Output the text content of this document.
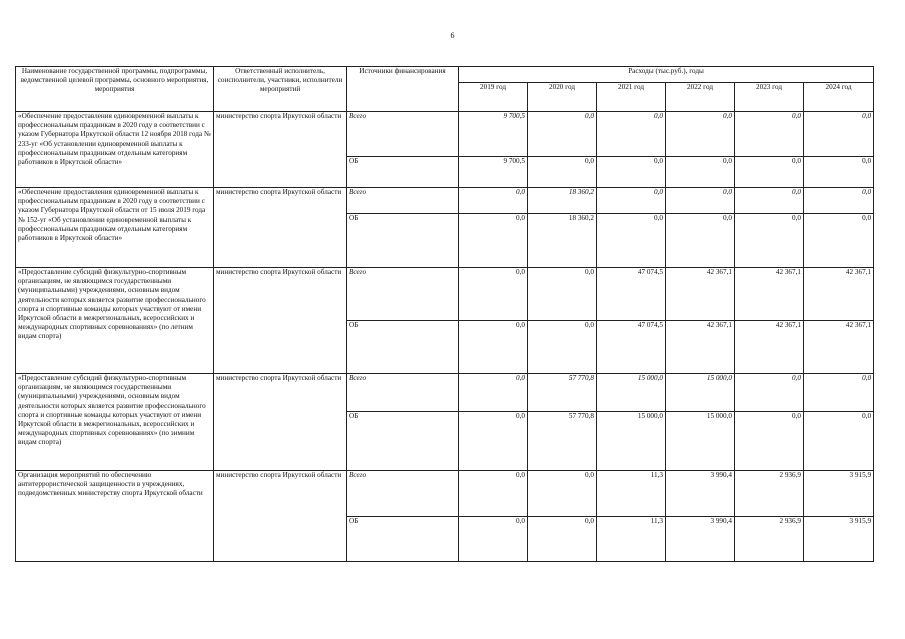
6
Наименование государственной программы, подпрограммы, ведомственной целевой программы, основного мероприятия, мероприятия	Ответственный исполнитель, соисполнители, участники, исполнители мероприятий	Источники финансирования	Расходы (тыс.руб.), годы					
			2019 год	2020 год	2021 год	2022 год	2023 год	2024 год
«Обеспечение предоставления единовременной выплаты к профессиональным праздникам в 2020 году в соответствии с указом Губернатора Иркутской области 12 ноября 2018 года № 233-уг «Об установлении единовременной выплаты к профессиональным праздникам отдельным категориям работников в Иркутской области»	министерство спорта Иркутской области	Всего	9 700,5	0,0	0,0	0,0	0,0	0,0
		ОБ	9 700,5	0,0	0,0	0,0	0,0	0,0
«Обеспечение предоставления единовременной выплаты к профессиональным праздникам в 2020 году в соответствии с указом Губернатора Иркутской области от 15 июля 2019 года № 152-уг «Об установлении единовременной выплаты к профессиональным праздникам отдельным категориям работников в Иркутской области»	министерство спорта Иркутской области	Всего	0,0	18 360,2	0,0	0,0	0,0	0,0
		ОБ	0,0	18 360,2	0,0	0,0	0,0	0,0
«Предоставление субсидий физкультурно-спортивным организациям, не являющимся государственными (муниципальными) учреждениями, основным видом деятельности которых является развитие профессионального спорта и спортивные команды которых участвуют от имени Иркутской области в межрегиональных, всероссийских и международных спортивных соревнованиях» (по летним видам спорта)	министерство спорта Иркутской области	Всего	0,0	0,0	47 074,5	42 367,1	42 367,1	42 367,1
		ОБ	0,0	0,0	47 074,5	42 367,1	42 367,1	42 367,1
«Предоставление субсидий физкультурно-спортивным организациям, не являющимся государственными (муниципальными) учреждениями, основным видом деятельности которых является развитие профессионального спорта и спортивные команды которых участвуют от имени Иркутской области в межрегиональных, всероссийских и международных спортивных соревнованиях» (по зимним видам спорта)	министерство спорта Иркутской области	Всего	0,0	57 770,8	15 000,0	15 000,0	0,0	0,0
		ОБ	0,0	57 770,8	15 000,0	15 000,0	0,0	0,0
Организация мероприятий по обеспечению антитеррористической защищенности в учреждениях, подведомственных министерству спорта Иркутской области	министерство спорта Иркутской области	Всего	0,0	0,0	11,3	3 990,4	2 936,9	3 915,9
		ОБ	0,0	0,0	11,3	3 990,4	2 936,9	3 915,9
